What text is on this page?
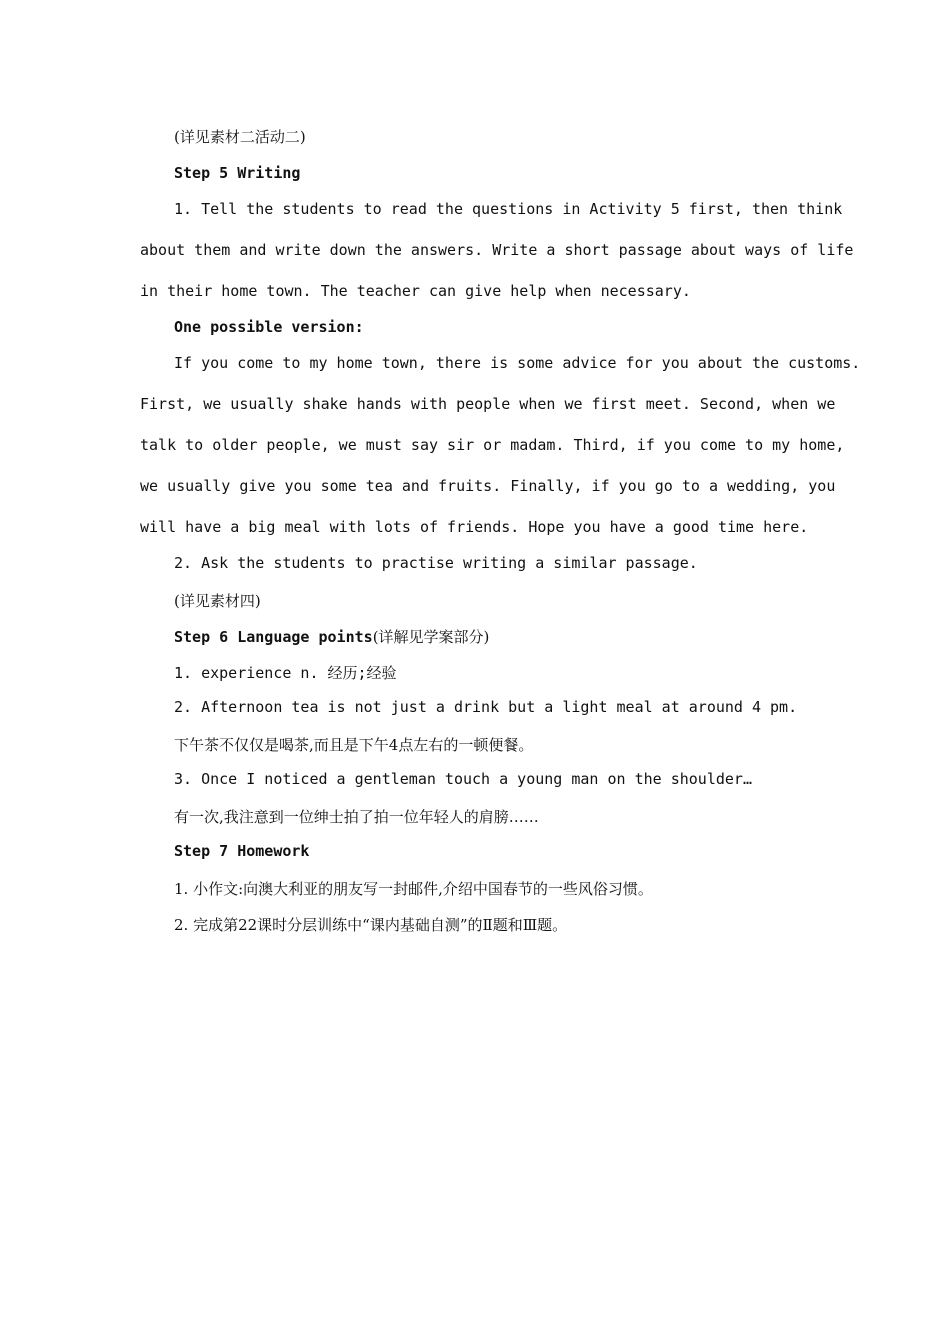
(详见素材二活动二)
Step 5 Writing
1. Tell the students to read the questions in Activity 5 first, then think
about them and write down the answers. Write a short passage about ways of life
in their home town. The teacher can give help when necessary.
One possible version:
If you come to my home town, there is some advice for you about the customs.
First, we usually shake hands with people when we first meet. Second, when we
talk to older people, we must say sir or madam. Third, if you come to my home,
we usually give you some tea and fruits. Finally, if you go to a wedding, you
will have a big meal with lots of friends. Hope you have a good time here.
2. Ask the students to practise writing a similar passage.
(详见素材四)
Step 6 Language points(详解见学案部分)
1. experience n. 经历;经验
2. Afternoon tea is not just a drink but a light meal at around 4 pm.
下午茶不仅仅是喝茶,而且是下午4点左右的一顿便餐。
3. Once I noticed a gentleman touch a young man on the shoulder…
有一次,我注意到一位绅士拍了拍一位年轻人的肩膀……
Step 7 Homework
1. 小作文:向澳大利亚的朋友写一封邮件,介绍中国春节的一些风俗习惯。
2. 完成第22课时分层训练中“课内基础自测”的Ⅱ题和Ⅲ题。
